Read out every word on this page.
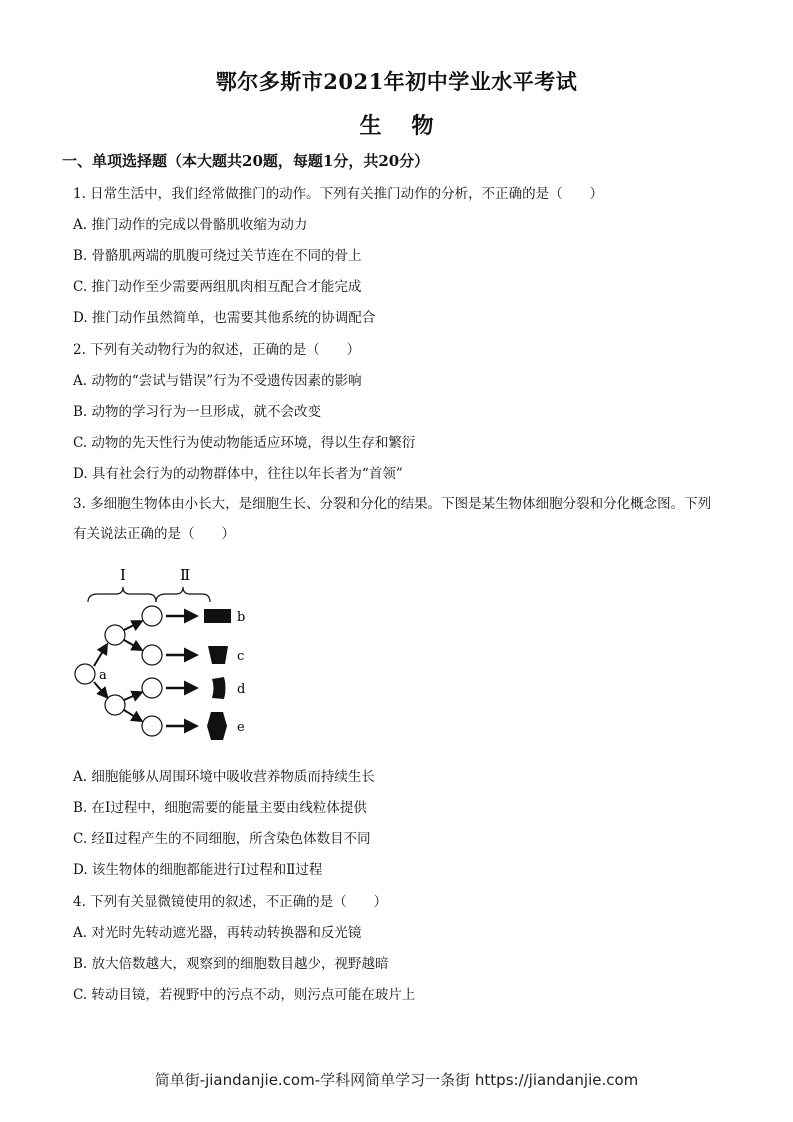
鄂尔多斯市2021年初中学业水平考试
生物
一、单项选择题（本大题共20题，每题1分，共20分）
1. 日常生活中，我们经常做推门的动作。下列有关推门动作的分析，不正确的是（　　）
A. 推门动作的完成以骨骼肌收缩为动力
B. 骨骼肌两端的肌腹可绕过关节连在不同的骨上
C. 推门动作至少需要两组肌肉相互配合才能完成
D. 推门动作虽然简单，也需要其他系统的协调配合
2. 下列有关动物行为的叙述，正确的是（　　）
A. 动物的“尝试与错误”行为不受遗传因素的影响
B. 动物的学习行为一旦形成，就不会改变
C. 动物的先天性行为使动物能适应环境，得以生存和繁衍
D. 具有社会行为的动物群体中，往往以年长者为“首领”
3. 多细胞生物体由小长大，是细胞生长、分裂和分化的结果。下图是某生物体细胞分裂和分化概念图。下列有关说法正确的是（　　）
Ⅰ	Ⅱ
a
b
c
d
e
A. 细胞能够从周围环境中吸收营养物质而持续生长
B. 在Ⅰ过程中，细胞需要的能量主要由线粒体提供
C. 经Ⅱ过程产生的不同细胞，所含染色体数目不同
D. 该生物体的细胞都能进行Ⅰ过程和Ⅱ过程
4. 下列有关显微镜使用的叙述，不正确的是（　　）
A. 对光时先转动遮光器，再转动转换器和反光镜
B. 放大倍数越大，观察到的细胞数目越少，视野越暗
C. 转动目镜，若视野中的污点不动，则污点可能在玻片上
简单街-jiandanjie.com-学科网简单学习一条街 https://jiandanjie.com
